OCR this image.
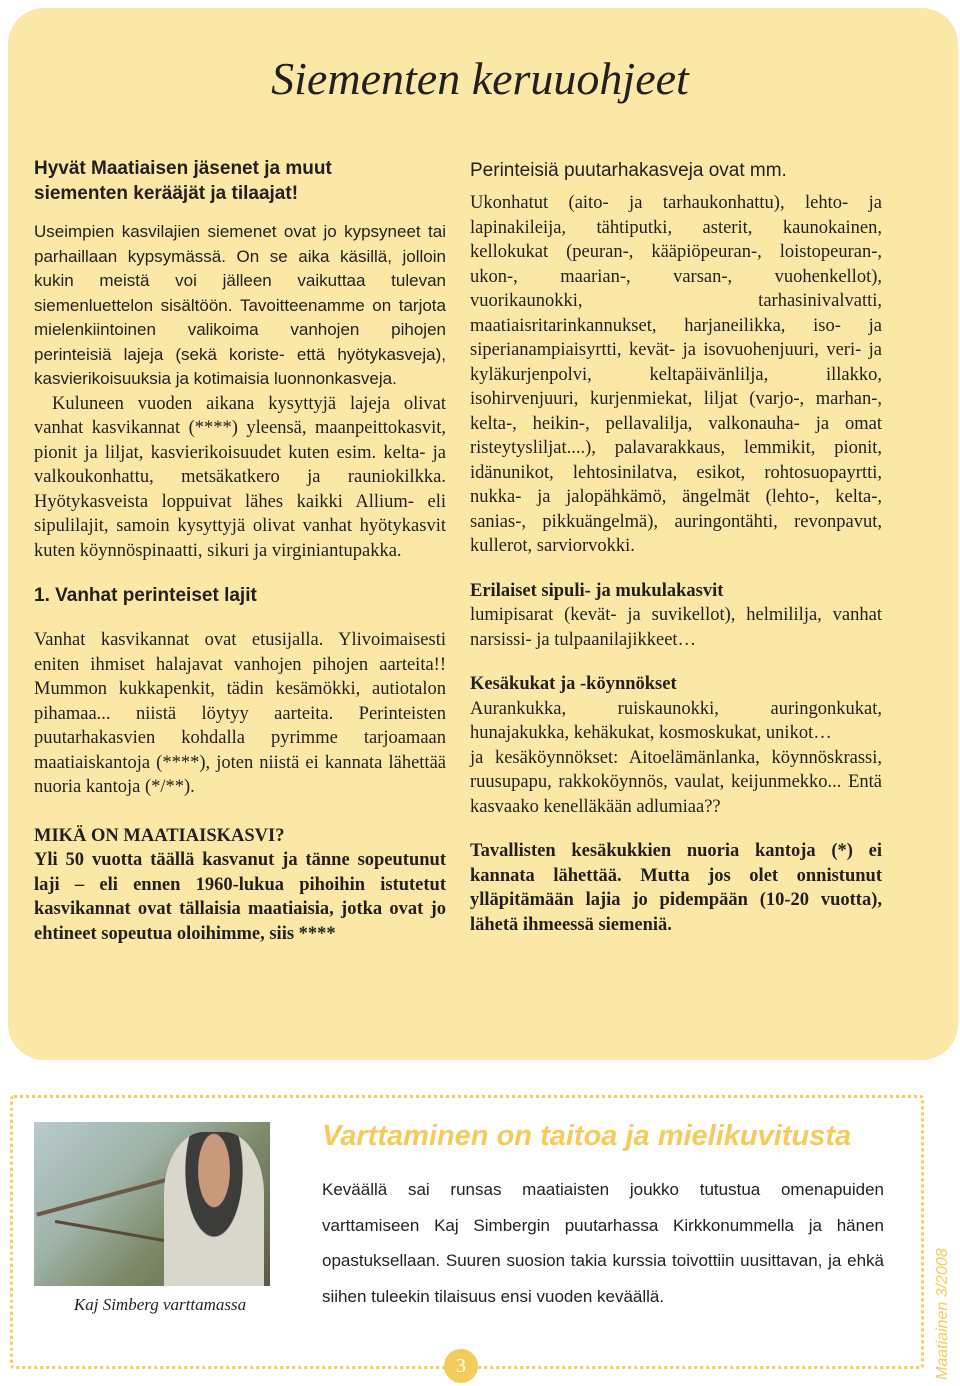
Siementen keruuohjeet

Hyvät Maatiaisen jäsenet ja muut

siementen kerääjät ja tilaajat!

Useimpien kasvilajien siemenet ovat jo kypsyneet tai parhaillaan kypsymässä. On se aika käsillä, jolloin kukin meistä voi jälleen vaikuttaa tulevan siemenluettelon sisältöön. Tavoitteenamme on tarjota mielenkiintoinen valikoima vanhojen pihojen perinteisiä lajeja (sekä koriste- että hyötykasveja), kasvierikoisuuksia ja kotimaisia luonnonkasveja.

Kuluneen vuoden aikana kysyttyjä lajeja olivat vanhat kasvikannat (****) yleensä, maanpeittokasvit, pionit ja liljat, kasvierikoisuudet kuten esim. kelta- ja valkoukonhattu, metsäkatkero ja rauniokilkka. Hyötykasveista loppuivat lähes kaikki Allium- eli sipulilajit, samoin kysyttyjä olivat vanhat hyötykasvit kuten köynnöspinaatti, sikuri ja virginiantupakka.

1. Vanhat perinteiset lajit

Vanhat kasvikannat ovat etusijalla. Ylivoimaisesti eniten ihmiset halajavat vanhojen pihojen aarteita!! Mummon kukkapenkit, tädin kesämökki, autiotalon pihamaa... niistä löytyy aarteita. Perinteisten puutarhakasvien kohdalla pyrimme tarjoamaan maatiaiskantoja (****), joten niistä ei kannata lähettää nuoria kantoja (*/**).

MIKÄ ON MAATIAISKASVI?

Yli 50 vuotta täällä kasvanut ja tänne sopeutunut laji – eli ennen 1960-lukua pihoihin istutetut kasvikannat ovat tällaisia maatiaisia, jotka ovat jo ehtineet sopeutua oloihimme, siis ****

Perinteisiä puutarhakasveja ovat mm.

Ukonhatut (aito- ja tarhaukonhattu), lehto- ja lapinakileija, tähtiputki, asterit, kaunokainen, kellokukat (peuran-, kääpiöpeuran-, loistopeuran-, ukon-, maarian-, varsan-, vuohenkellot), vuorikaunokki, tarhasinivalvatti, maatiaisritarinkannukset, harjaneilikka, iso- ja siperianampiaisyrtti, kevät- ja isovuohenjuuri, veri- ja kyläkurjenpolvi, keltapäivänlilja, illakko, isohirvenjuuri, kurjenmiekat, liljat (varjo-, marhan-, kelta-, heikin-, pellavalilja, valkonauha- ja omat risteytysliljat....), palavarakkaus, lemmikit, pionit, idänunikot, lehtosinilatva, esikot, rohtosuopayrtti, nukka- ja jalopähkämö, ängelmät (lehto-, kelta-, sanias-, pikkuängelmä), auringontähti, revonpavut, kullerot, sarviorvokki.

Erilaiset sipuli- ja mukulakasvit

lumipisarat (kevät- ja suvikellot), helmililja, vanhat narsissi- ja tulpaanilajikkeet…

Kesäkukat ja -köynnökset

Aurankukka, ruiskaunokki, auringonkukat, hunajakukka, kehäkukat, kosmoskukat, unikot…

ja kesäköynnökset: Aitoelämänlanka, köynnöskrassi, ruusupapu, rakkoköynnös, vaulat, keijunmekko... Entä kasvaako kenelläkään adlumiaa??

Tavallisten kesäkukkien nuoria kantoja (*) ei kannata lähettää. Mutta jos olet onnistunut ylläpitämään lajia jo pidempään (10-20 vuotta), lähetä ihmeessä siemeniä.

Kaj Simberg varttamassa
Varttaminen on taitoa ja mielikuvitusta
Keväällä sai runsas maatiaisten joukko tutustua omenapuiden varttamiseen Kaj Simbergin puutarhassa Kirkkonummella ja hänen opastuksellaan. Suuren suosion takia kurssia toivottiin uusittavan, ja ehkä siihen tuleekin tilaisuus ensi vuoden keväällä.	Maatiainen 3/2008
3
